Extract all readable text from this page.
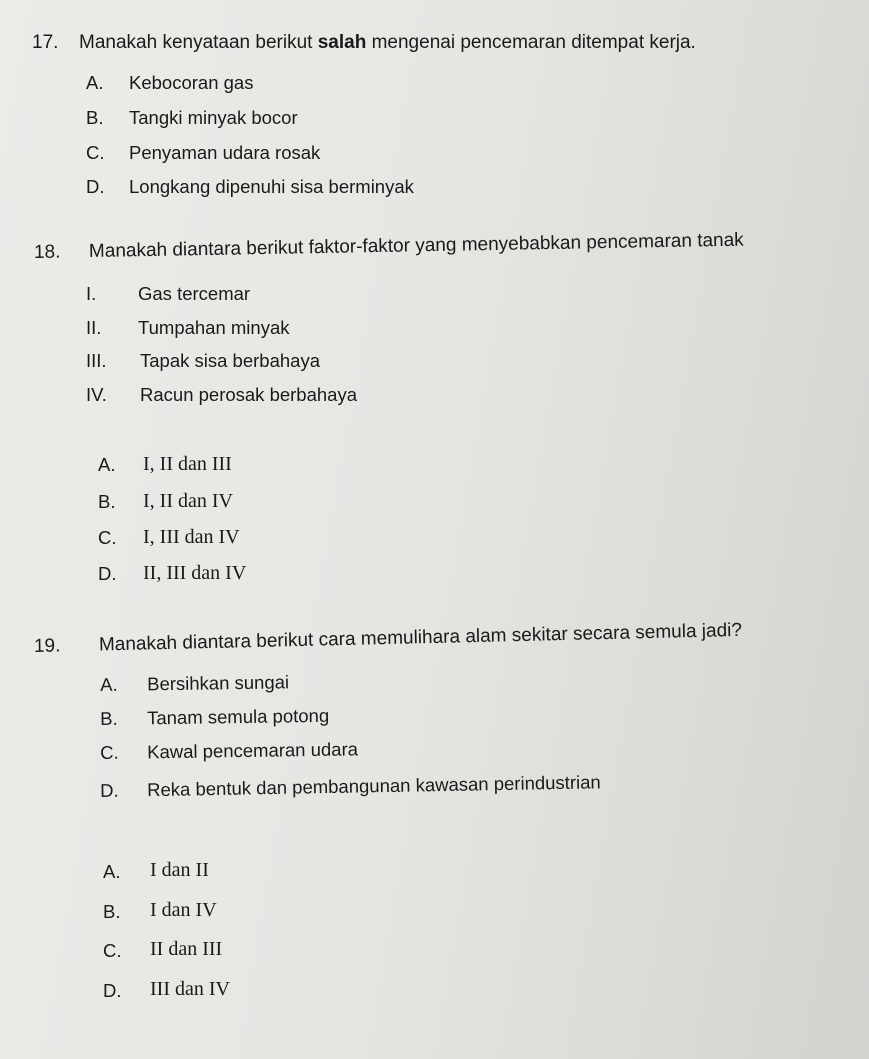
17. Manakah kenyataan berikut salah mengenai pencemaran ditempat kerja.
A. Kebocoran gas
B. Tangki minyak bocor
C. Penyaman udara rosak
D. Longkang dipenuhi sisa berminyak
18. Manakah diantara berikut faktor-faktor yang menyebabkan pencemaran tanak
I. Gas tercemar
II. Tumpahan minyak
III. Tapak sisa berbahaya
IV. Racun perosak berbahaya
A. I, II dan III
B. I, II dan IV
C. I, III dan IV
D. II, III dan IV
19. Manakah diantara berikut cara memulihara alam sekitar secara semula jadi?
A. Bersihkan sungai
B. Tanam semula potong
C. Kawal pencemaran udara
D. Reka bentuk dan pembangunan kawasan perindustrian
A. I dan II
B. I dan IV
C. II dan III
D. III dan IV
